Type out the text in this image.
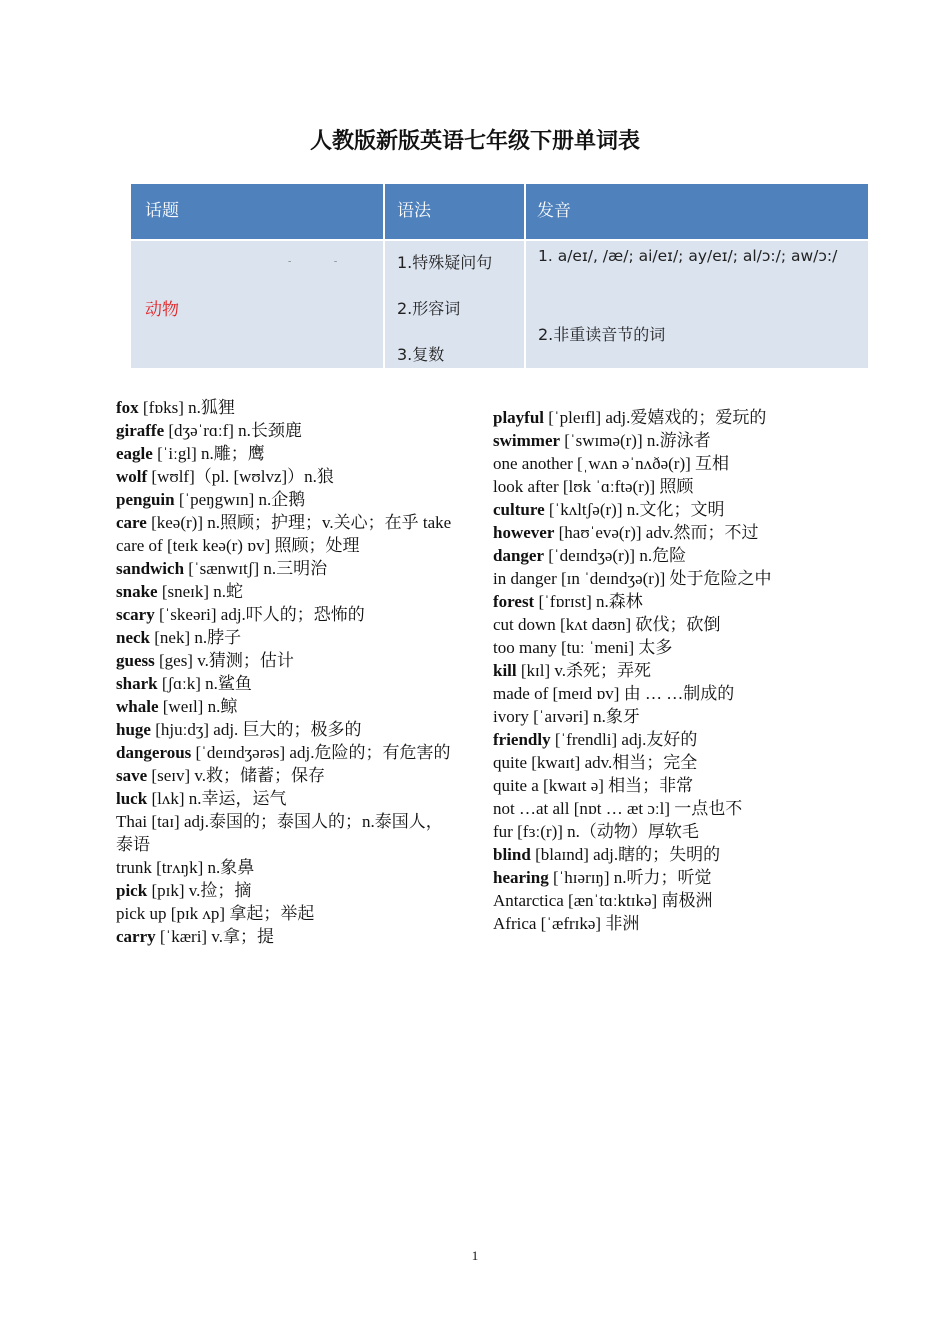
人教版新版英语七年级下册单词表
话题	语法	发音
- -
动物
1.特殊疑问句
2.形容词
3.复数
1. a/eɪ/, /æ/; ai/eɪ/; ay/eɪ/; al/ɔ:/; aw/ɔ:/
2.非重读音节的词
fox [fɒks] n.狐狸
giraffe [dʒəˈrɑːf] n.长颈鹿
eagle [ˈiːgl] n.雕；鹰
wolf [wʊlf]（pl. [wʊlvz]）n.狼
penguin [ˈpeŋgwɪn] n.企鹅
care [keə(r)] n.照顾；护理；v.关心；在乎 take care of [teɪk keə(r) ɒv] 照顾；处理
sandwich [ˈsænwɪtʃ] n.三明治
snake [sneɪk] n.蛇
scary [ˈskeəri] adj.吓人的；恐怖的
neck [nek] n.脖子
guess [ges] v.猜测；估计
shark [ʃɑːk] n.鲨鱼
whale [weɪl] n.鲸
huge [hjuːdʒ] adj. 巨大的；极多的
dangerous [ˈdeɪndʒərəs] adj.危险的；有危害的
save [seɪv] v.救；储蓄；保存
luck [lʌk] n.幸运，运气
Thai [taɪ] adj.泰国的；泰国人的；n.泰国人， 泰语
trunk [trʌŋk] n.象鼻
pick [pɪk] v.捡；摘
pick up [pɪk ʌp] 拿起；举起
carry [ˈkæri] v.拿；提
playful [ˈpleɪfl] adj.爱嬉戏的；爱玩的
swimmer [ˈswɪmə(r)] n.游泳者
one another [ˌwʌn əˈnʌðə(r)] 互相
look after [lʊk ˈɑːftə(r)] 照顾
culture [ˈkʌltʃə(r)] n.文化；文明
however [haʊˈevə(r)] adv.然而；不过
danger [ˈdeɪndʒə(r)] n.危险
in danger [ɪn ˈdeɪndʒə(r)] 处于危险之中
forest [ˈfɒrɪst] n.森林
cut down [kʌt daʊn] 砍伐；砍倒
too many [tuː ˈmeni] 太多
kill [kɪl] v.杀死；弄死
made of [meɪd ɒv] 由 … …制成的
ivory [ˈaɪvəri] n.象牙
friendly [ˈfrendli] adj.友好的
quite [kwaɪt] adv.相当；完全
quite a [kwaɪt ə] 相当；非常
not …at all [nɒt … æt ɔːl] 一点也不
fur [fɜː(r)] n.（动物）厚软毛
blind [blaɪnd] adj.瞎的；失明的
hearing [ˈhɪərɪŋ] n.听力；听觉
Antarctica [ænˈtɑːktɪkə] 南极洲
Africa [ˈæfrɪkə] 非洲
1
